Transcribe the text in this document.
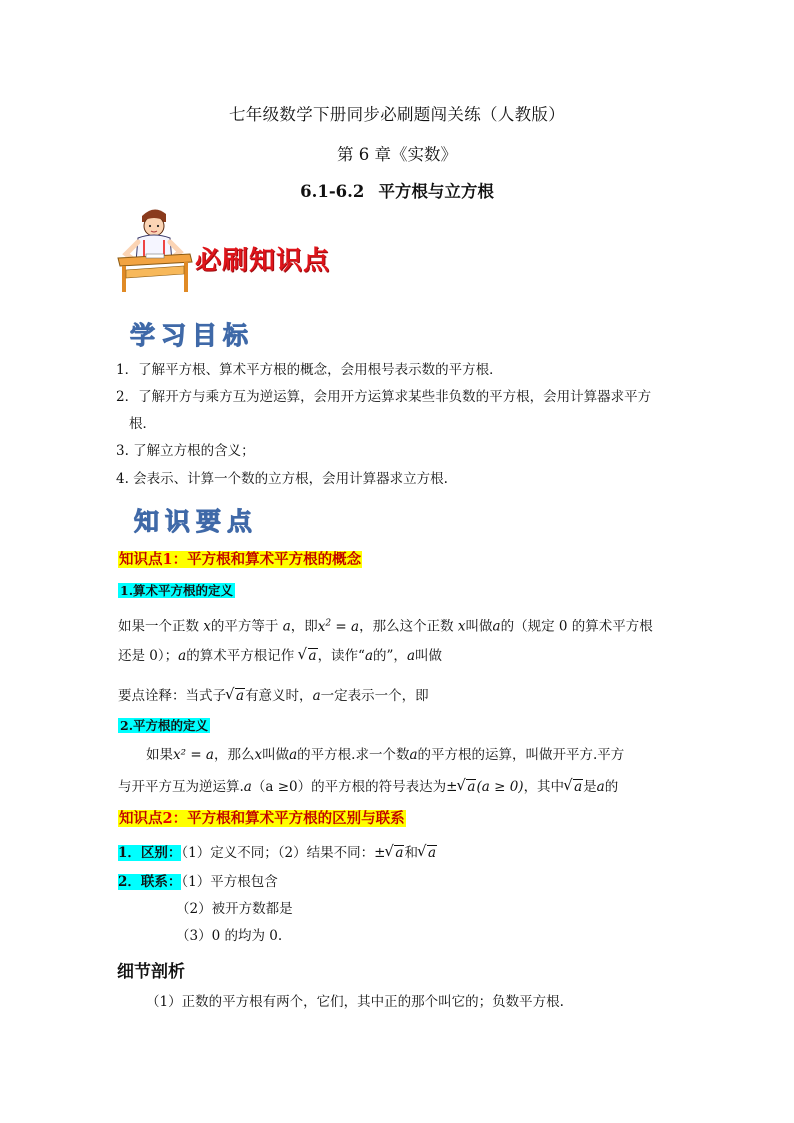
七年级数学下册同步必刷题闯关练（人教版）
第 6 章《实数》
6.1-6.2 平方根与立方根
必刷知识点
学习目标
1．了解平方根、算术平方根的概念，会用根号表示数的平方根．
2．了解开方与乘方互为逆运算，会用开方运算求某些非负数的平方根，会用计算器求平方
根．
3. 了解立方根的含义；
4. 会表示、计算一个数的立方根，会用计算器求立方根.
知识要点
知识点1：平方根和算术平方根的概念
1.算术平方根的定义
如果一个正数 x的平方等于 a，即$x^2 = a$，那么这个正数 x叫做a的（规定 0 的算术平方根
还是 0）；a的算术平方根记作 √ a，读作“a的”，a叫做
要点诠释：当式子 √ a有意义时，a一定表示一个，即
2.平方根的定义
如果x² = a，那么x叫做a的平方根.求一个数a的平方根的运算，叫做开平方.平方
与开平方互为逆运算.a（a ≥0）的平方根的符号表达为± √ a(a ≥ 0)，其中 √ a是a的
知识点2：平方根和算术平方根的区别与联系
1．区别：（1）定义不同；（2）结果不同：± √ a和 √ a
2．联系：（1）平方根包含
（2）被开方数都是
（3）0 的均为 0.
细节剖析
（1）正数的平方根有两个，它们，其中正的那个叫它的；负数平方根.
